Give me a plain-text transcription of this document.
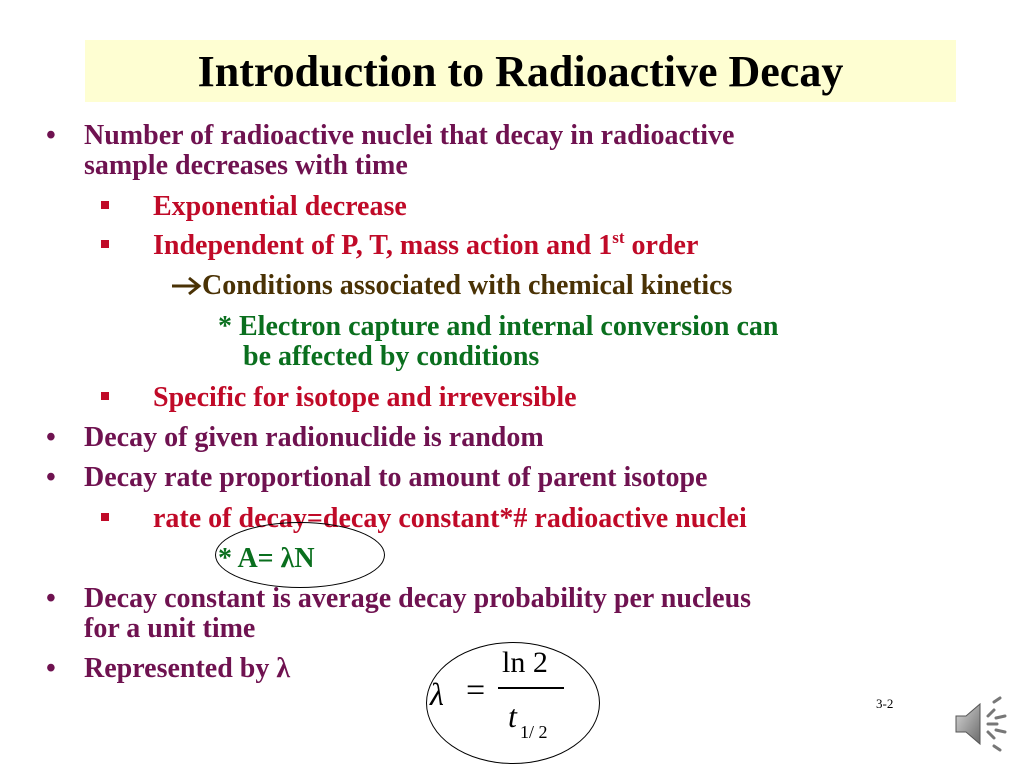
Introduction to Radioactive Decay
• Number of radioactive nuclei that decay in radioactive
sample decreases with time
Exponential decrease
Independent of P, T, mass action and 1st order
Conditions associated with chemical kinetics
* Electron capture and internal conversion can
be affected by conditions
Specific for isotope and irreversible
• Decay of given radionuclide is random
• Decay rate proportional to amount of parent isotope
rate of decay=decay constant*# radioactive nuclei
* A= λN
• Decay constant is average decay probability per nucleus
for a unit time
• Represented by λ
λ =
ln 2
t 1/ 2
3-2
